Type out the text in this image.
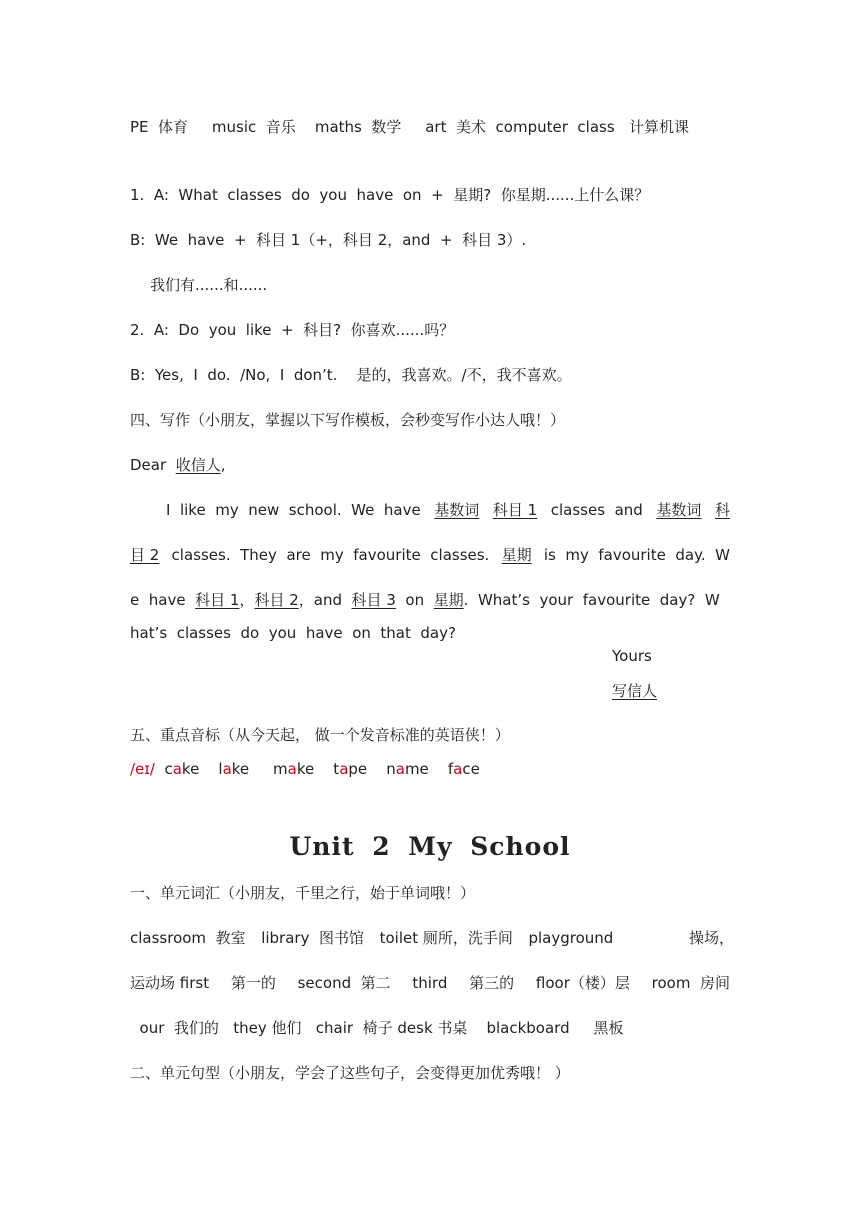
PE  体育     music  音乐    maths  数学     art  美术  computer  class   计算机课
1.  A:  What  classes  do  you  have  on  +  星期?  你星期......上什么课？
B:  We  have  +  科目 1（+，科目 2，and  +  科目 3）.
我们有......和......
2.  A:  Do  you  like  +  科目?  你喜欢......吗？
B:  Yes,  I  do.  /No,  I  don’t.    是的，我喜欢。/不，我不喜欢。
四、写作（小朋友，掌握以下写作模板，会秒变写作小达人哦！）
Dear 收信人,
I  like  my  new  school.  We  have 基数词 科目 1 classes  and 基数词 科
目 2 classes.  They  are  my  favourite  classes. 星期 is  my  favourite  day.  W
e  have 科目 1，科目 2，and 科目 3 on 星期.  What’s  your  favourite  day?  W
hat’s  classes  do  you  have  on  that  day?
Yours
写信人
五、重点音标（从今天起， 做一个发音标准的英语侠！）
/eɪ/ cake lake make tape name face
Unit 2 My School
一、单元词汇（小朋友，千里之行，始于单词哦！）
classroom  教室 library  图书馆 toilet 厕所，洗手间 playground	操场，
运动场 first 第一的 second  第二 third 第三的 floor（楼）层 room  房间
our  我们的   they 他们   chair  椅子 desk 书桌    blackboard     黑板
二、单元句型（小朋友，学会了这些句子，会变得更加优秀哦！ ）
